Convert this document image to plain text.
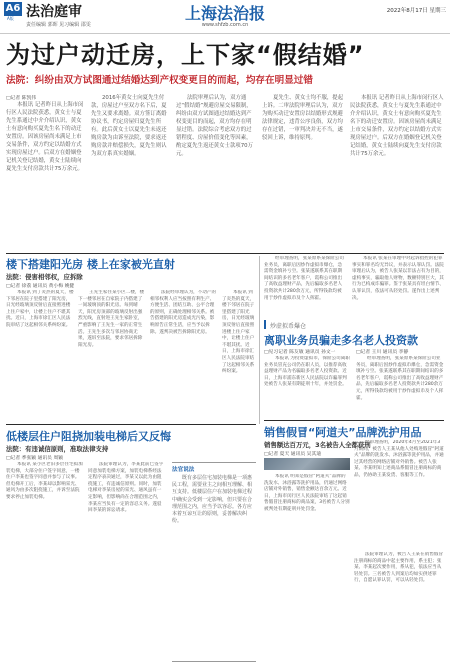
A6
A版 法治庭审
责任编辑 郭晖 见习编辑 邵雯
上海法治报
www.shfzb.com.cn
2022年8月17日 星期三
为过户动迁房，上下家“假结婚”
法院：纠纷由双方试图通过结婚达到产权变更目的而起，均存在明显过错
□记者 陈凯伟
本报讯 记者昨日从上海市闵行区人民法院获悉，黄女士与夏先生系通过中介介绍认识，黄女士有意向购买夏先生名下的动迁安置房。因该房屋尚未满足上市交易条件，双方约定以结婚方式实现房屋过户。后双方在婚姻登记机关登记结婚，黄女士陆续向夏先生支付房款共计75万余元。
2016年黄女士向夏先生付款，房屋过户至双方名下后，夏先生又要求离婚。双方签订离婚协议书，约定房屋归夏先生所有。此后黄女士以夏先生未返还购房款为由诉至法院，要求返还购房款并赔偿损失，夏先生则认为双方系真实婚姻。
法院审理后认为，双方通过“假结婚”规避房屋交易限制，纠纷由双方试图通过结婚达到产权变更目的而起，双方均存在明显过错。法院综合考虑双方的过错程度、房屋价值变化等因素，酌定夏先生返还黄女士款项70万元。
夏先生、黄女士均不服，提起上诉。二审法院审理后认为，双方为购买动迁安置房以结婚形式规避法律规定，违背公序良俗，双方均存在过错，一审判决并无不当，遂驳回上诉，维持原判。
本报讯 记者昨日从上海市闵行区人民法院获悉，黄女士与夏先生系通过中介介绍认识，黄女士有意向购买夏先生名下的动迁安置房。因该房屋尚未满足上市交易条件，双方约定以结婚方式实现房屋过户。后双方在婚姻登记机关登记结婚，黄女士陆续向夏先生支付房款共计75万余元。
楼下搭建阳光房 楼上在家被光直射
法院：侵害相邻权，应拆除
□记者 徐荔 通讯员 黄小梅 姚健
本报讯 到了炎热的夏天，楼下邻居在院子里搭建了阳光房，日光经玻璃顶反射后直接照进楼上住户家中，让楼上住户不堪其扰。近日，上海市徐汇区人民法院审结了这起相邻关系纠纷案。
王先生家住某小区二楼，楼下一楼邻居在自家院子内搭建了一间玻璃顶的阳光房。每到晴天，阳光房顶部的玻璃反射出强烈光线，直射进王先生家卧室，严重影响了王先生一家的正常生活。王先生多次与邻居协商无果，遂诉至法院，要求邻居拆除阳光房。
法院经审理认为，不动产的相邻权利人应当按照有利生产、方便生活、团结互助、公平合理的原则，正确处理相邻关系。被告搭建的阳光房造成光污染，影响原告正常生活，应当予以拆除。遂判决被告拆除阳光房。
本报讯 到了炎热的夏天，楼下邻居在院子里搭建了阳光房，日光经玻璃顶反射后直接照进楼上住户家中，让楼上住户不堪其扰。近日，上海市徐汇区人民法院审结了这起相邻关系纠纷案。
低楼层住户阻挠加装电梯后又反悔
法院：有违诚信原则，准取法律支持
□记者 季张颖 通讯员 周颖
本报讯 某小区老旧多层住宅拟加装电梯，大部分住户签字同意，一楼住户李某也签字同意并参与了议事。但电梯开工后，李某却以影响采光、通风为由多次阻挠施工，并诉至法院要求停止加装电梯。
法院审理认为，李某此前已签字同意加装电梯方案，加装电梯系经法定程序表决通过，李某又以此为由阻挠施工，有违诚信原则。同时，加装电梯对李某房屋的采光、通风虽有一定影响，但影响尚在合理范围之内，李某应当负有一定的容忍义务。遂驳回李某的诉讼请求。
法官说法
既有多层住宅加装电梯是一项惠民工程，需要业主之间相互理解、相互支持。低楼层住户在加装电梯过程中确实会受到一定影响，但只要在合理范围之内，应当予以容忍。各方应本着互谅互让的原则，妥善解决纠纷。
经审理查明，张某原系某保险公司业务员，离职后因炒作虚拟币爆仓，急需资金填补亏空。张某遂联系其在职期间结识的多名老年客户，谎称公司推出了高收益理财产品，先后骗取多名老人投资款共计280余万元，所得钱款均被用于炒作虚拟币及个人挥霍。
本报讯 张某在审理中对起诉指控的犯罪事实和罪名均无异议，并表示认罪认罚。法院审理后认为，被告人张某以非法占有为目的，虚构事实，骗取他人财物，数额特别巨大，其行为已构成诈骗罪。鉴于张某具有坦白情节、认罪认罚，依法可从轻处罚。遂作出上述判决。
炒虚拟币爆仓
离职业务员骗走多名老人投资款
□见习记者 陈友敏 通讯员 孙文一
本报讯 为投资虚拟币，保险公司离职业务员冒充公司仍在职人员，以推荐高收益理财产品为名骗取多名老人投资款。近日，上海市浦东新区人民法院以诈骗罪判处被告人张某有期徒刑十年，并处罚金。
□记者 王川 通讯员 李静
经审理查明，张某原系某保险公司业务员，离职后因炒作虚拟币爆仓，急需资金填补亏空。张某遂联系其在职期间结识的多名老年客户，谎称公司推出了高收益理财产品，先后骗取多名老人投资款共计280余万元，所得钱款均被用于炒作虚拟币及个人挥霍。
销售假冒“阿道夫”品牌洗护用品
销售额达百万元，3名被告人全都获刑
□记者 夏天 通讯员 吴其迪
本报讯 明知是假冒“阿道夫”品牌的洗发水、沐浴露等洗护用品，仍通过网络店铺对外销售，销售金额达百余万元。近日，上海市闵行区人民法院审结了这起销售假冒注册商标的商品案，3名被告人分别被判处有期徒刑并处罚金。
经审理查明，2020年4月至2021年3月期间，被告人王某从他人处购进假冒“阿道夫”品牌的洗发水、沐浴露等洗护用品，并通过其经营的网络店铺对外销售。被告人张某、李某明知上述商品系假冒注册商标的商品，仍协助王某发货、客服等工作。
法院审理认为，被告人王某在销售假冒注册商标的商品中起主要作用，系主犯；张某、李某起次要作用，系从犯，依法应当从轻处罚。三名被告人到案后均如实供述罪行，自愿认罪认罚，可以从轻处罚。
